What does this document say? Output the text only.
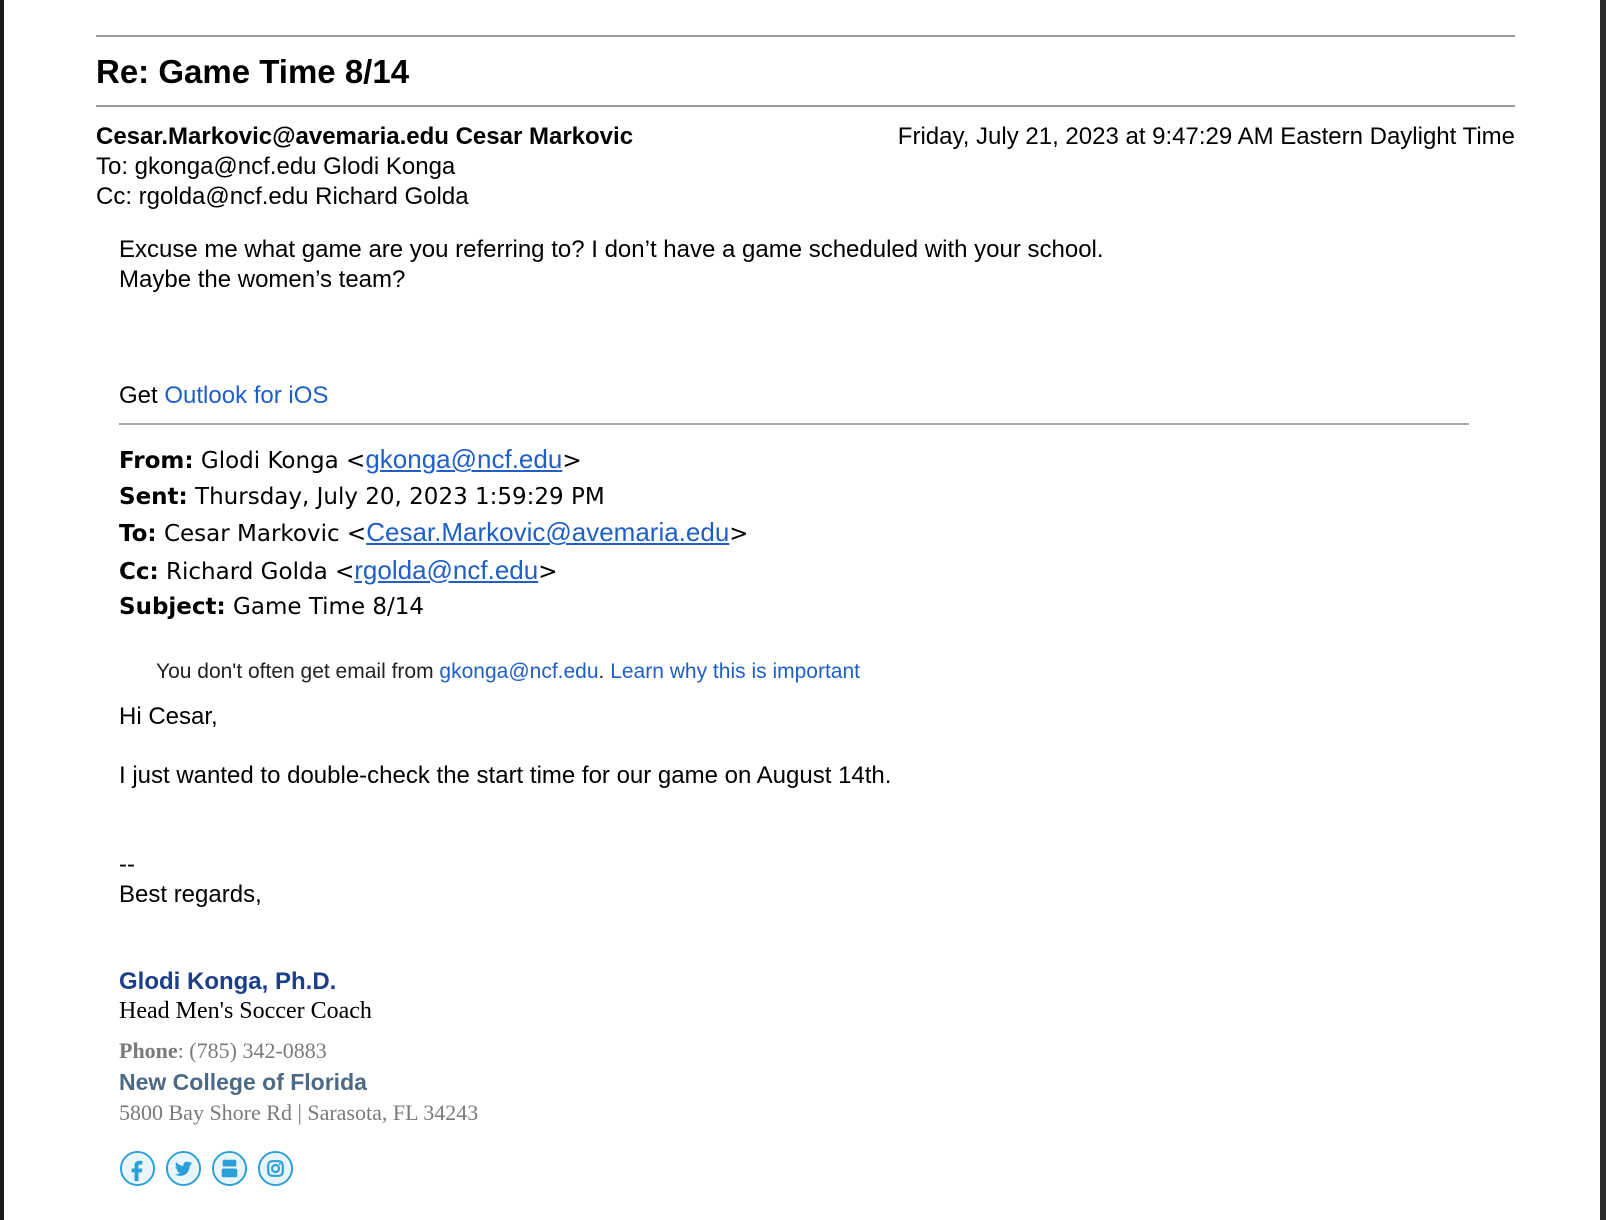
Re: Game Time 8/14
Cesar.Markovic@avemaria.edu Cesar Markovic	Friday, July 21, 2023 at 9:47:29 AM Eastern Daylight Time
To: gkonga@ncf.edu Glodi Konga
Cc: rgolda@ncf.edu Richard Golda
Excuse me what game are you referring to? I don’t have a game scheduled with your school.
Maybe the women’s team?
Get Outlook for iOS
From: Glodi Konga <gkonga@ncf.edu>
Sent: Thursday, July 20, 2023 1:59:29 PM
To: Cesar Markovic <Cesar.Markovic@avemaria.edu>
Cc: Richard Golda <rgolda@ncf.edu>
Subject: Game Time 8/14
You don't often get email from gkonga@ncf.edu. Learn why this is important
Hi Cesar,
I just wanted to double-check the start time for our game on August 14th.
--
Best regards,
Glodi Konga, Ph.D.
Head Men's Soccer Coach
Phone: (785) 342-0883
New College of Florida
5800 Bay Shore Rd | Sarasota, FL 34243
